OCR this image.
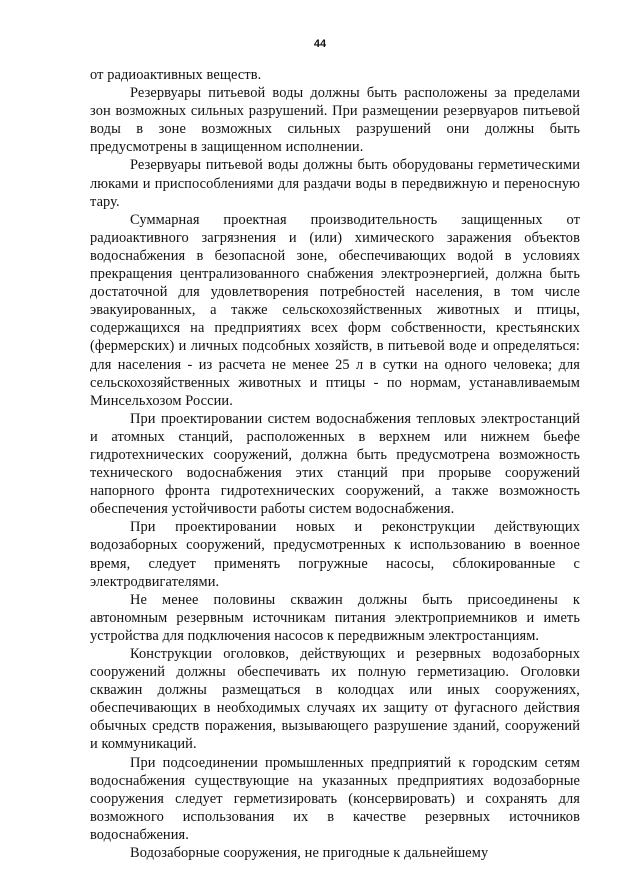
44

от радиоактивных веществ.

Резервуары питьевой воды должны быть расположены за пределами зон возможных сильных разрушений. При размещении резервуаров питьевой воды в зоне возможных сильных разрушений они должны быть предусмотрены в защищенном исполнении.

Резервуары питьевой воды должны быть оборудованы герметическими люками и приспособлениями для раздачи воды в передвижную и переносную тару.

Суммарная проектная производительность защищенных от радиоактивного загрязнения и (или) химического заражения объектов водоснабжения в безопасной зоне, обеспечивающих водой в условиях прекращения централизованного снабжения электроэнергией, должна быть достаточной для удовлетворения потребностей населения, в том числе эвакуированных, а также сельскохозяйственных животных и птицы, содержащихся на предприятиях всех форм собственности, крестьянских (фермерских) и личных подсобных хозяйств, в питьевой воде и определяться: для населения - из расчета не менее 25 л в сутки на одного человека; для сельскохозяйственных животных и птицы - по нормам, устанавливаемым Минсельхозом России.

При проектировании систем водоснабжения тепловых электростанций и атомных станций, расположенных в верхнем или нижнем бьефе гидротехнических сооружений, должна быть предусмотрена возможность технического водоснабжения этих станций при прорыве сооружений напорного фронта гидротехнических сооружений, а также возможность обеспечения устойчивости работы систем водоснабжения.

При проектировании новых и реконструкции действующих водозаборных сооружений, предусмотренных к использованию в военное время, следует применять погружные насосы, сблокированные с электродвигателями.

Не менее половины скважин должны быть присоединены к автономным резервным источникам питания электроприемников и иметь устройства для подключения насосов к передвижным электростанциям.

Конструкции оголовков, действующих и резервных водозаборных сооружений должны обеспечивать их полную герметизацию. Оголовки скважин должны размещаться в колодцах или иных сооружениях, обеспечивающих в необходимых случаях их защиту от фугасного действия обычных средств поражения, вызывающего разрушение зданий, сооружений и коммуникаций.

При подсоединении промышленных предприятий к городским сетям водоснабжения существующие на указанных предприятиях водозаборные сооружения следует герметизировать (консервировать) и сохранять для возможного использования их в качестве резервных источников водоснабжения.

Водозаборные сооружения, не пригодные к дальнейшему
